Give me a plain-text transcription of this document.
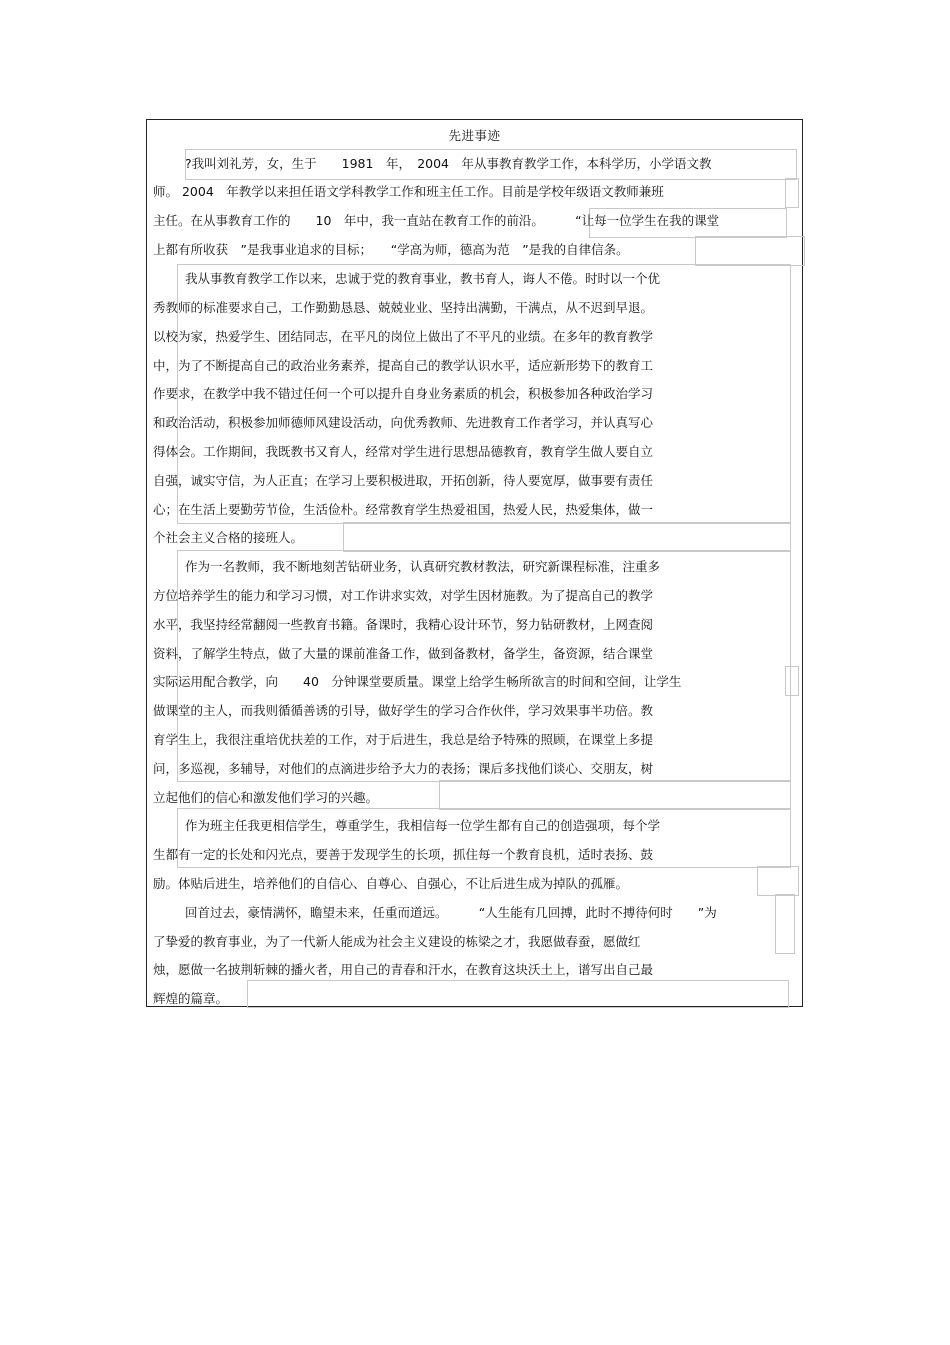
先进事迹
?我叫刘礼芳，女，生于　　1981　年，　2004　年从事教育教学工作，本科学历，小学语文教
师。 2004　年教学以来担任语文学科教学工作和班主任工作。目前是学校年级语文教师兼班
主任。在从事教育工作的　　10　年中，我一直站在教育工作的前沿。　　　“让每一位学生在我的课堂
上都有所收获　”是我事业追求的目标；　　“学高为师，德高为范　”是我的自律信条。
我从事教育教学工作以来，忠诚于党的教育事业，教书育人，诲人不倦。时时以一个优
秀教师的标准要求自己，工作勤勤恳恳、兢兢业业、坚持出满勤，干满点，从不迟到早退。
以校为家，热爱学生、团结同志，在平凡的岗位上做出了不平凡的业绩。在多年的教育教学
中，为了不断提高自己的政治业务素养，提高自己的教学认识水平，适应新形势下的教育工
作要求，在教学中我不错过任何一个可以提升自身业务素质的机会，积极参加各种政治学习
和政治活动，积极参加师德师风建设活动，向优秀教师、先进教育工作者学习，并认真写心
得体会。工作期间，我既教书又育人，经常对学生进行思想品德教育，教育学生做人要自立
自强，诚实守信，为人正直；在学习上要积极进取，开拓创新，待人要宽厚，做事要有责任
心；在生活上要勤劳节俭，生活俭朴。经常教育学生热爱祖国，热爱人民，热爱集体，做一
个社会主义合格的接班人。
作为一名教师，我不断地刻苦钻研业务，认真研究教材教法，研究新课程标准，注重多
方位培养学生的能力和学习习惯，对工作讲求实效，对学生因材施教。为了提高自己的教学
水平，我坚持经常翻阅一些教育书籍。备课时，我精心设计环节，努力钻研教材，上网查阅
资料，了解学生特点，做了大量的课前准备工作，做到备教材，备学生，备资源，结合课堂
实际运用配合教学，向　　40　分钟课堂要质量。课堂上给学生畅所欲言的时间和空间，让学生
做课堂的主人，而我则循循善诱的引导，做好学生的学习合作伙伴，学习效果事半功倍。教
育学生上，我很注重培优扶差的工作，对于后进生，我总是给予特殊的照顾，在课堂上多提
问，多巡视，多辅导，对他们的点滴进步给予大力的表扬；课后多找他们谈心、交朋友，树
立起他们的信心和激发他们学习的兴趣。
作为班主任我更相信学生，尊重学生，我相信每一位学生都有自己的创造强项，每个学
生都有一定的长处和闪光点，要善于发现学生的长项，抓住每一个教育良机，适时表扬、鼓
励。体贴后进生，培养他们的自信心、自尊心、自强心，不让后进生成为掉队的孤雁。
回首过去，豪情满怀，瞻望未来，任重而道远。　　　“人生能有几回搏，此时不搏待何时　　”为
了挚爱的教育事业，为了一代新人能成为社会主义建设的栋梁之才，我愿做春蚕，愿做红
烛，愿做一名披荆斩棘的播火者，用自己的青春和汗水，在教育这块沃土上，谱写出自己最
辉煌的篇章。
